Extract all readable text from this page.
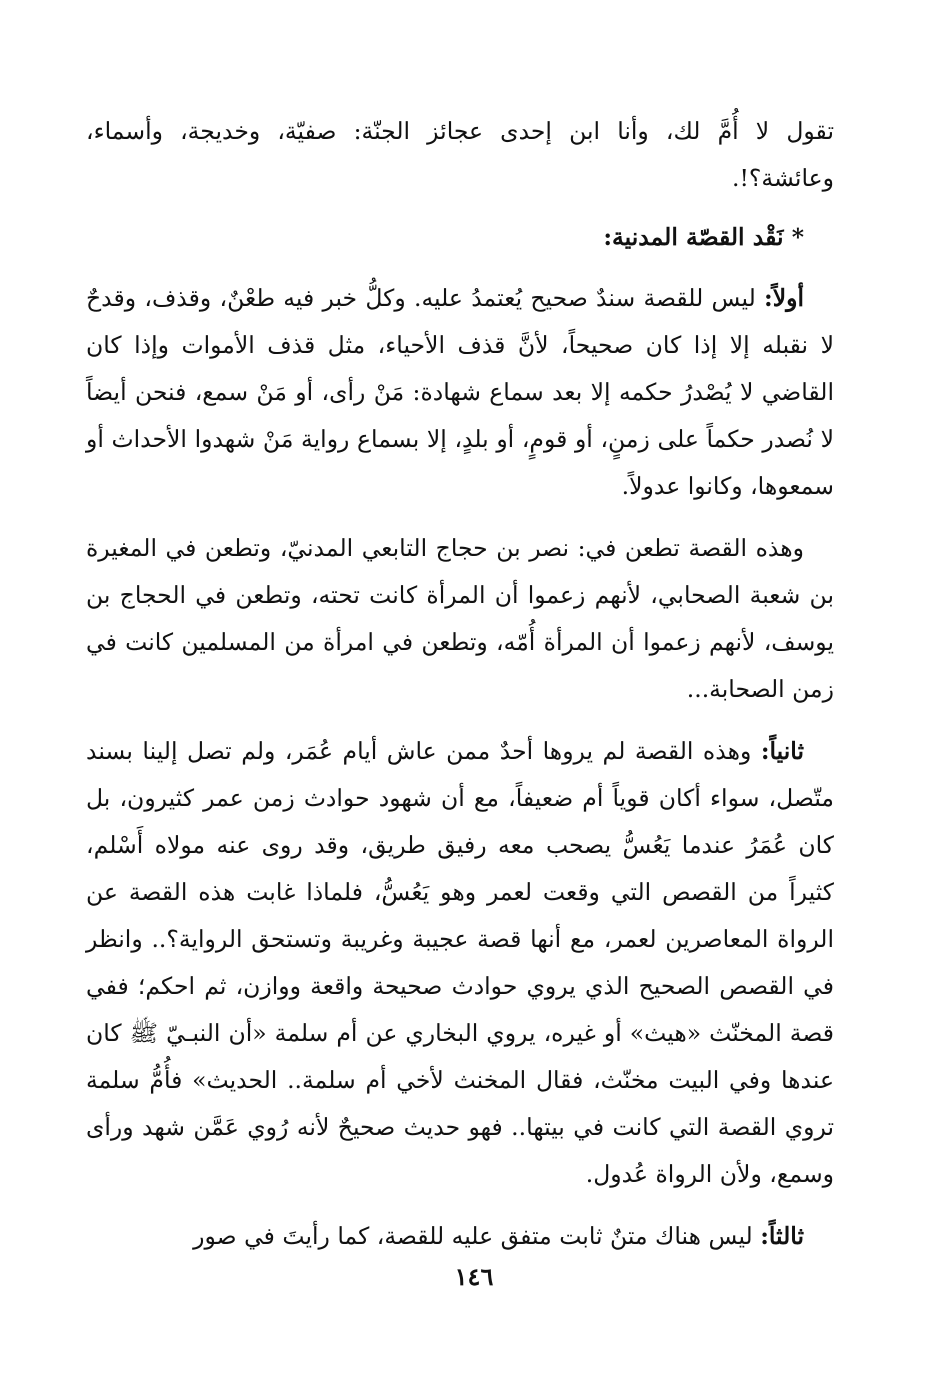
تقول لا أُمَّ لك، وأنا ابن إحدى عجائز الجنّة: صفيّة، وخديجة، وأسماء، وعائشة؟!.

* نَقْد القصّة المدنية:

أولاً: ليس للقصة سندٌ صحيح يُعتمدُ عليه. وكلُّ خبر فيه طعْنٌ، وقذف، وقدحٌ لا نقبله إلا إذا كان صحيحاً، لأنَّ قذف الأحياء، مثل قذف الأموات وإذا كان القاضي لا يُصْدرُ حكمه إلا بعد سماع شهادة: مَنْ رأى، أو مَنْ سمع، فنحن أيضاً لا نُصدر حكماً على زمنٍ، أو قومٍ، أو بلدٍ، إلا بسماع رواية مَنْ شهدوا الأحداث أو سمعوها، وكانوا عدولاً.

وهذه القصة تطعن في: نصر بن حجاج التابعي المدنيّ، وتطعن في المغيرة بن شعبة الصحابي، لأنهم زعموا أن المرأة كانت تحته، وتطعن في الحجاج بن يوسف، لأنهم زعموا أن المرأة أُمّه، وتطعن في امرأة من المسلمين كانت في زمن الصحابة...

ثانياً: وهذه القصة لم يروها أحدٌ ممن عاش أيام عُمَر، ولم تصل إلينا بسند متّصل، سواء أكان قوياً أم ضعيفاً، مع أن شهود حوادث زمن عمر كثيرون، بل كان عُمَرُ عندما يَعُسُّ يصحب معه رفيق طريق، وقد روى عنه مولاه أَسْلم، كثيراً من القصص التي وقعت لعمر وهو يَعُسُّ، فلماذا غابت هذه القصة عن الرواة المعاصرين لعمر، مع أنها قصة عجيبة وغريبة وتستحق الرواية؟.. وانظر في القصص الصحيح الذي يروي حوادث صحيحة واقعة ووازن، ثم احكم؛ ففي قصة المخنّث «هيث» أو غيره، يروي البخاري عن أم سلمة «أن النبـيّ ﷺ كان عندها وفي البيت مخنّث، فقال المخنث لأخي أم سلمة.. الحديث» فأُمُّ سلمة تروي القصة التي كانت في بيتها.. فهو حديث صحيحٌ لأنه رُوي عَمَّن شهد ورأى وسمع، ولأن الرواة عُدول.

ثالثاً: ليس هناك متنٌ ثابت متفق عليه للقصة، كما رأيتَ في صور

١٤٦
